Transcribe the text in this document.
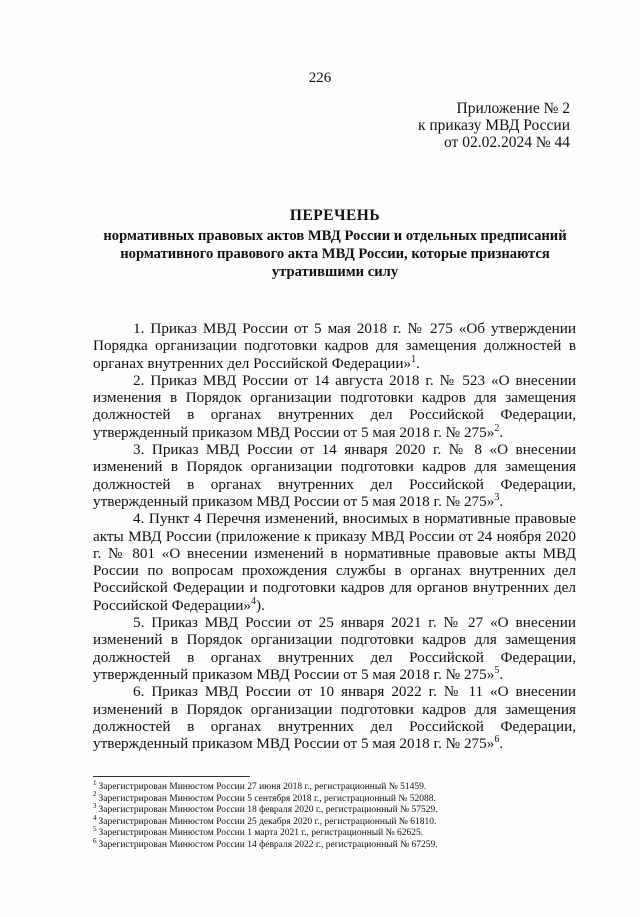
226
Приложение № 2
к приказу МВД России
от 02.02.2024 № 44
ПЕРЕЧЕНЬ
нормативных правовых актов МВД России и отдельных предписаний
нормативного правового акта МВД России, которые признаются
утратившими силу

1. Приказ МВД России от 5 мая 2018 г. № 275 «Об утверждении Порядка организации подготовки кадров для замещения должностей в органах внутренних дел Российской Федерации»$^1$.

2. Приказ МВД России от 14 августа 2018 г. № 523 «О внесении изменения в Порядок организации подготовки кадров для замещения должностей в органах внутренних дел Российской Федерации, утвержденный приказом МВД России от 5 мая 2018 г. № 275»$^2$.

3. Приказ МВД России от 14 января 2020 г. № 8 «О внесении изменений в Порядок организации подготовки кадров для замещения должностей в органах внутренних дел Российской Федерации, утвержденный приказом МВД России от 5 мая 2018 г. № 275»$^3$.

4. Пункт 4 Перечня изменений, вносимых в нормативные правовые акты МВД России (приложение к приказу МВД России от 24 ноября 2020 г. № 801 «О внесении изменений в нормативные правовые акты МВД России по вопросам прохождения службы в органах внутренних дел Российской Федерации и подготовки кадров для органов внутренних дел Российской Федерации»$^4$).

5. Приказ МВД России от 25 января 2021 г. № 27 «О внесении изменений в Порядок организации подготовки кадров для замещения должностей в органах внутренних дел Российской Федерации, утвержденный приказом МВД России от 5 мая 2018 г. № 275»$^5$.

6. Приказ МВД России от 10 января 2022 г. № 11 «О внесении изменений в Порядок организации подготовки кадров для замещения должностей в органах внутренних дел Российской Федерации, утвержденный приказом МВД России от 5 мая 2018 г. № 275»$^6$.

$^1$ Зарегистрирован Минюстом России 27 июня 2018 г., регистрационный № 51459.
$^2$ Зарегистрирован Минюстом России 5 сентября 2018 г., регистрационный № 52088.
$^3$ Зарегистрирован Минюстом России 18 февраля 2020 г., регистрационный № 57529.
$^4$ Зарегистрирован Минюстом России 25 декабря 2020 г., регистрационный № 61810.
$^5$ Зарегистрирован Минюстом России 1 марта 2021 г., регистрационный № 62625.
$^6$ Зарегистрирован Минюстом России 14 февраля 2022 г., регистрационный № 67259.
